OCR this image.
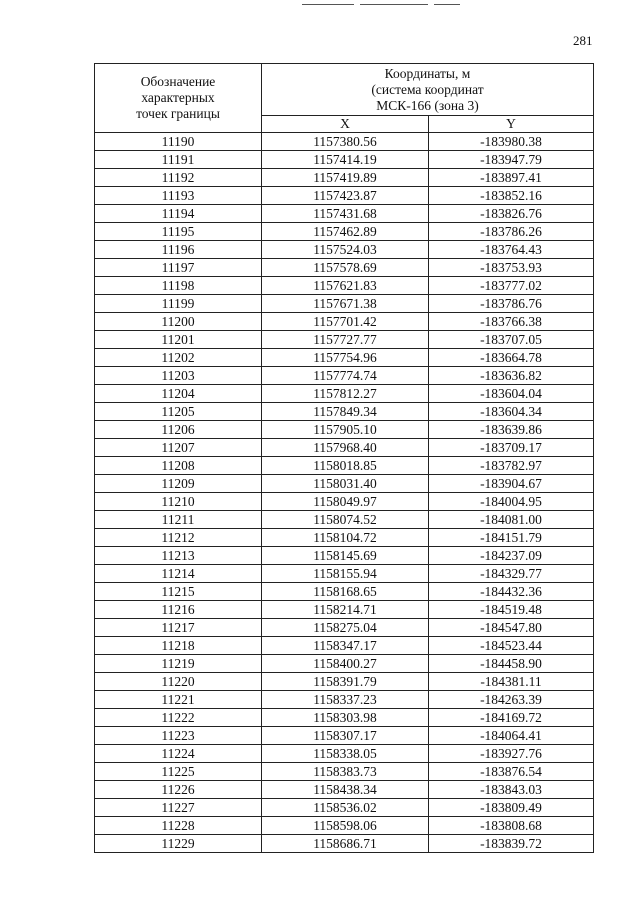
281
Обозначение
характерных
точек границы	Координаты, м
(система координат
МСК-166 (зона 3)	
	X	Y
11190	1157380.56	-183980.38
11191	1157414.19	-183947.79
11192	1157419.89	-183897.41
11193	1157423.87	-183852.16
11194	1157431.68	-183826.76
11195	1157462.89	-183786.26
11196	1157524.03	-183764.43
11197	1157578.69	-183753.93
11198	1157621.83	-183777.02
11199	1157671.38	-183786.76
11200	1157701.42	-183766.38
11201	1157727.77	-183707.05
11202	1157754.96	-183664.78
11203	1157774.74	-183636.82
11204	1157812.27	-183604.04
11205	1157849.34	-183604.34
11206	1157905.10	-183639.86
11207	1157968.40	-183709.17
11208	1158018.85	-183782.97
11209	1158031.40	-183904.67
11210	1158049.97	-184004.95
11211	1158074.52	-184081.00
11212	1158104.72	-184151.79
11213	1158145.69	-184237.09
11214	1158155.94	-184329.77
11215	1158168.65	-184432.36
11216	1158214.71	-184519.48
11217	1158275.04	-184547.80
11218	1158347.17	-184523.44
11219	1158400.27	-184458.90
11220	1158391.79	-184381.11
11221	1158337.23	-184263.39
11222	1158303.98	-184169.72
11223	1158307.17	-184064.41
11224	1158338.05	-183927.76
11225	1158383.73	-183876.54
11226	1158438.34	-183843.03
11227	1158536.02	-183809.49
11228	1158598.06	-183808.68
11229	1158686.71	-183839.72
